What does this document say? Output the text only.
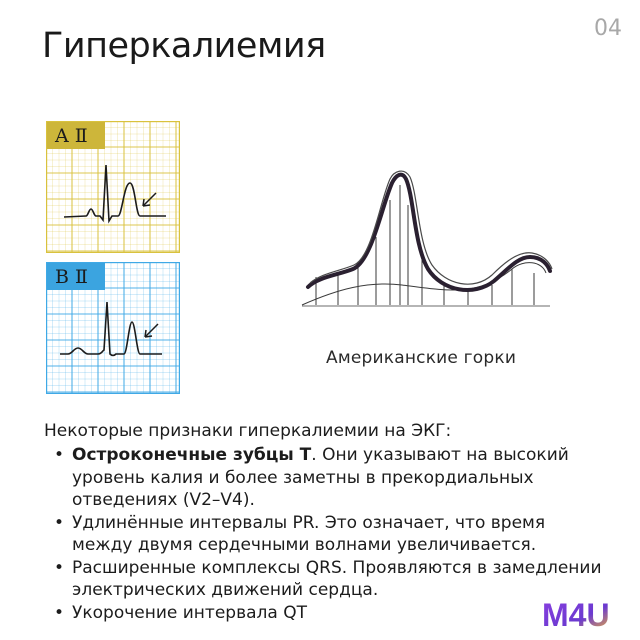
Гиперкалиемия	04
A Ⅱ
B Ⅱ
Американские горки
Некоторые признаки гиперкалиемии на ЭКГ:
• Остроконечные зубцы Т. Они указывают на высокий уровень калия и более заметны в прекордиальных отведениях (V2–V4).
• Удлинённые интервалы PR. Это означает, что время между двумя сердечными волнами увеличивается.
• Расширенные комплексы QRS. Проявляются в замедлении электрических движений сердца.
• Укорочение интервала QT	M4U
